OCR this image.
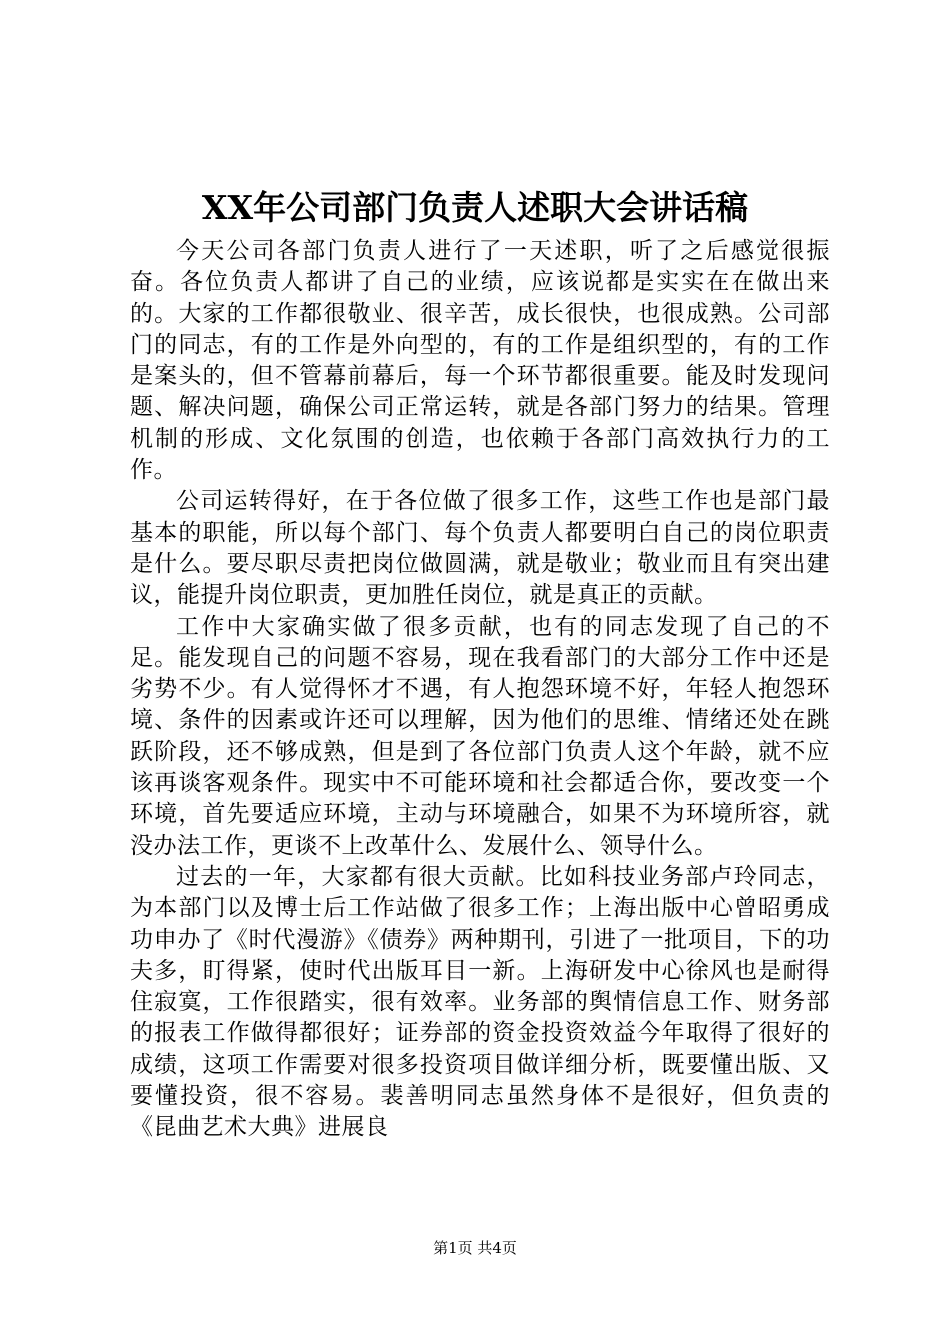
XX年公司部门负责人述职大会讲话稿

今天公司各部门负责人进行了一天述职，听了之后感觉很振奋。各位负责人都讲了自己的业绩，应该说都是实实在在做出来的。大家的工作都很敬业、很辛苦，成长很快，也很成熟。公司部门的同志，有的工作是外向型的，有的工作是组织型的，有的工作是案头的，但不管幕前幕后，每一个环节都很重要。能及时发现问题、解决问题，确保公司正常运转，就是各部门努力的结果。管理机制的形成、文化氛围的创造，也依赖于各部门高效执行力的工作。

公司运转得好，在于各位做了很多工作，这些工作也是部门最基本的职能，所以每个部门、每个负责人都要明白自己的岗位职责是什么。要尽职尽责把岗位做圆满，就是敬业；敬业而且有突出建议，能提升岗位职责，更加胜任岗位，就是真正的贡献。

工作中大家确实做了很多贡献，也有的同志发现了自己的不足。能发现自己的问题不容易，现在我看部门的大部分工作中还是劣势不少。有人觉得怀才不遇，有人抱怨环境不好，年轻人抱怨环境、条件的因素或许还可以理解，因为他们的思维、情绪还处在跳跃阶段，还不够成熟，但是到了各位部门负责人这个年龄，就不应该再谈客观条件。现实中不可能环境和社会都适合你，要改变一个环境，首先要适应环境，主动与环境融合，如果不为环境所容，就没办法工作，更谈不上改革什么、发展什么、领导什么。

过去的一年，大家都有很大贡献。比如科技业务部卢玲同志，为本部门以及博士后工作站做了很多工作；上海出版中心曾昭勇成功申办了《时代漫游》《债券》两种期刊，引进了一批项目，下的功夫多，盯得紧，使时代出版耳目一新。上海研发中心徐风也是耐得住寂寞，工作很踏实，很有效率。业务部的舆情信息工作、财务部的报表工作做得都很好；证券部的资金投资效益今年取得了很好的成绩，这项工作需要对很多投资项目做详细分析，既要懂出版、又要懂投资，很不容易。裴善明同志虽然身体不是很好，但负责的《昆曲艺术大典》进展良

第1页 共4页
